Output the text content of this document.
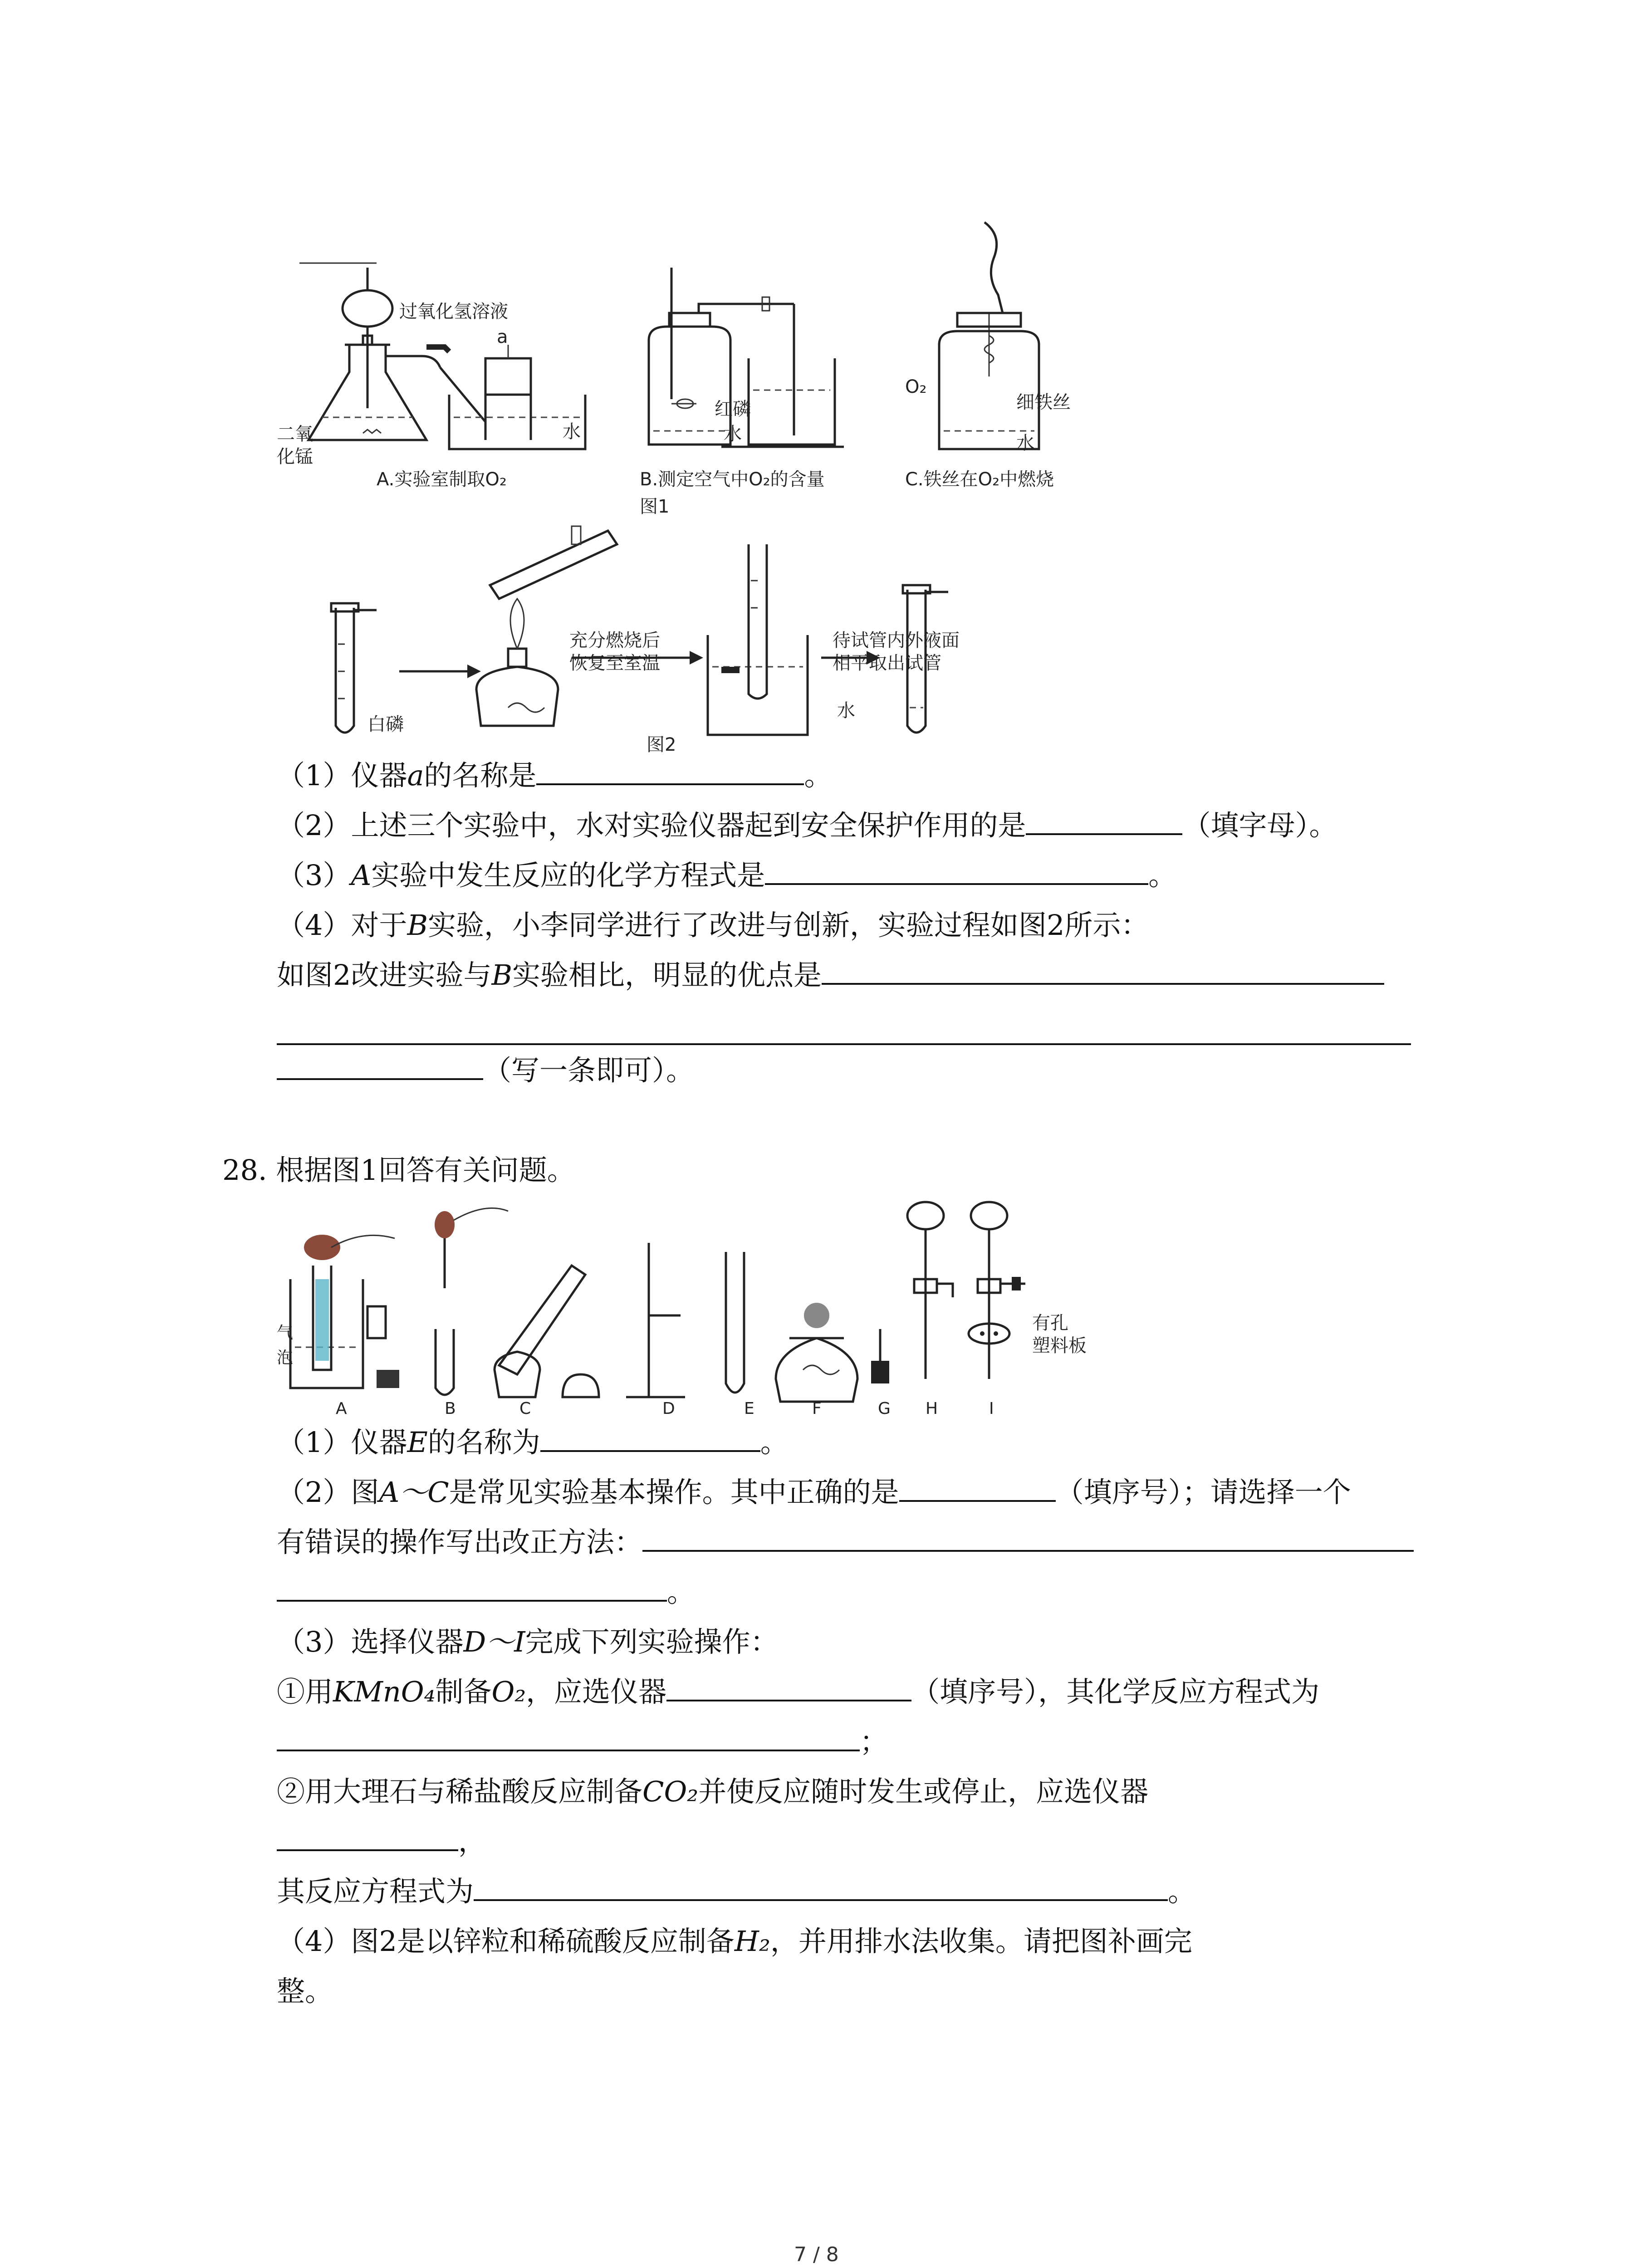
过氧化氢溶液
a
水
二氧
化锰
A.实验室制取O₂
红磷
水
B.测定空气中O₂的含量
图1
O₂
细铁丝
水
C.铁丝在O₂中燃烧
白磷
充分燃烧后
恢复至室温
待试管内外液面
相平取出试管
水
图2
（1）仪器a的名称是	。
（2）上述三个实验中，水对实验仪器起到安全保护作用的是	（填字母）。
（3）A实验中发生反应的化学方程式是	。
（4）对于B实验，小李同学进行了改进与创新，实验过程如图2所示：
如图2改进实验与B实验相比，明显的优点是
（写一条即可）。
28. 根据图1回答有关问题。
气
泡
有孔
塑料板
A	B	C	D	E	F	G H	I
（1）仪器E的名称为	。
（2）图A～C是常见实验基本操作。其中正确的是	（填序号）；请选择一个
有错误的操作写出改正方法：
。
（3）选择仪器D～I完成下列实验操作：
①用KMnO₄制备O₂，应选仪器	（填序号），其化学反应方程式为
；
②用大理石与稀盐酸反应制备CO₂并使反应随时发生或停止，应选仪器
，
其反应方程式为	。
（4）图2是以锌粒和稀硫酸反应制备H₂，并用排水法收集。请把图补画完
整。
7 / 8
